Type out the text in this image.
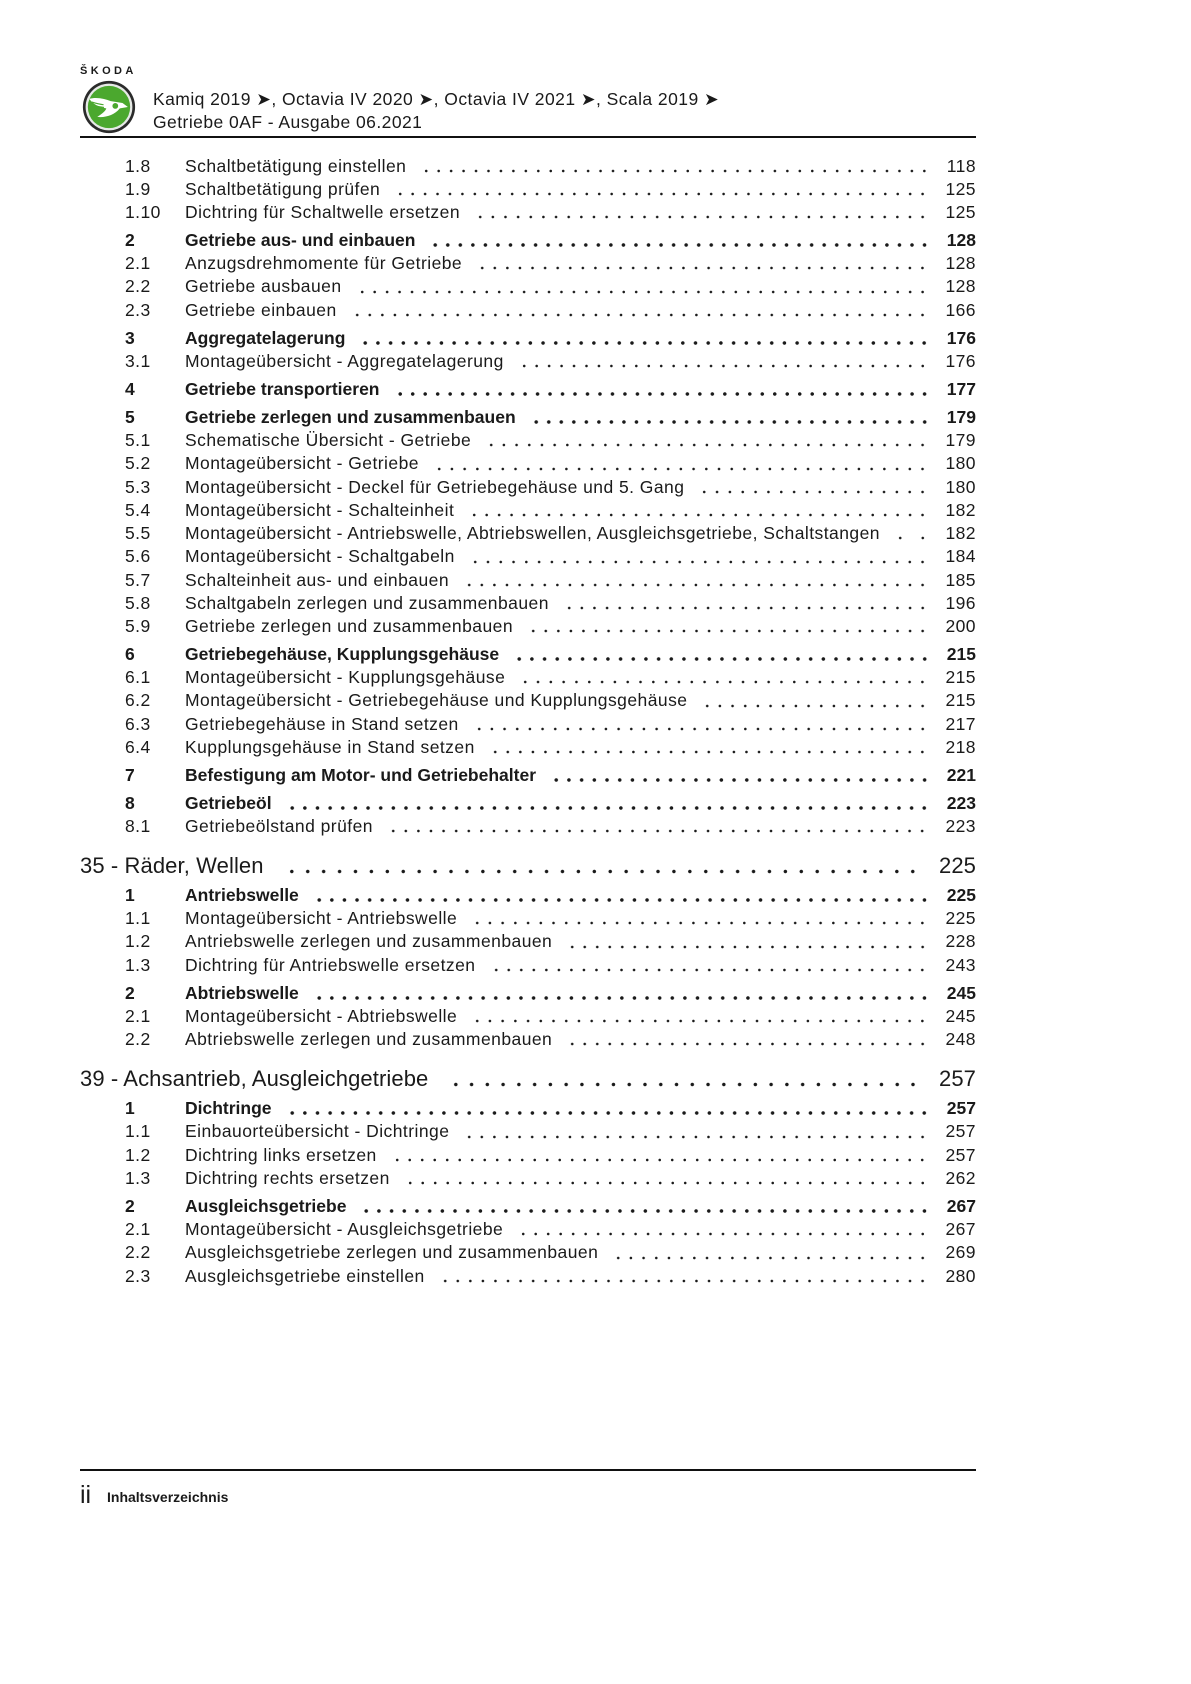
ŠKODA
Kamiq 2019 ➤, Octavia IV 2020 ➤, Octavia IV 2021 ➤, Scala 2019 ➤
Getriebe 0AF - Ausgabe 06.2021
1.8	Schaltbetätigung einstellen	118
1.9	Schaltbetätigung prüfen	125
1.10	Dichtring für Schaltwelle ersetzen	125
2	Getriebe aus- und einbauen	128
2.1	Anzugsdrehmomente für Getriebe	128
2.2	Getriebe ausbauen	128
2.3	Getriebe einbauen	166
3	Aggregatelagerung	176
3.1	Montageübersicht - Aggregatelagerung	176
4	Getriebe transportieren	177
5	Getriebe zerlegen und zusammenbauen	179
5.1	Schematische Übersicht - Getriebe	179
5.2	Montageübersicht - Getriebe	180
5.3	Montageübersicht - Deckel für Getriebegehäuse und 5. Gang	180
5.4	Montageübersicht - Schalteinheit	182
5.5	Montageübersicht - Antriebswelle, Abtriebswellen, Ausgleichsgetriebe, Schaltstangen	182
5.6	Montageübersicht - Schaltgabeln	184
5.7	Schalteinheit aus- und einbauen	185
5.8	Schaltgabeln zerlegen und zusammenbauen	196
5.9	Getriebe zerlegen und zusammenbauen	200
6	Getriebegehäuse, Kupplungsgehäuse	215
6.1	Montageübersicht - Kupplungsgehäuse	215
6.2	Montageübersicht - Getriebegehäuse und Kupplungsgehäuse	215
6.3	Getriebegehäuse in Stand setzen	217
6.4	Kupplungsgehäuse in Stand setzen	218
7	Befestigung am Motor- und Getriebehalter	221
8	Getriebeöl	223
8.1	Getriebeölstand prüfen	223
35 - Räder, Wellen	225
1	Antriebswelle	225
1.1	Montageübersicht - Antriebswelle	225
1.2	Antriebswelle zerlegen und zusammenbauen	228
1.3	Dichtring für Antriebswelle ersetzen	243
2	Abtriebswelle	245
2.1	Montageübersicht - Abtriebswelle	245
2.2	Abtriebswelle zerlegen und zusammenbauen	248
39 - Achsantrieb, Ausgleichgetriebe	257
1	Dichtringe	257
1.1	Einbauorteübersicht - Dichtringe	257
1.2	Dichtring links ersetzen	257
1.3	Dichtring rechts ersetzen	262
2	Ausgleichsgetriebe	267
2.1	Montageübersicht - Ausgleichsgetriebe	267
2.2	Ausgleichsgetriebe zerlegen und zusammenbauen	269
2.3	Ausgleichsgetriebe einstellen	280
ii Inhaltsverzeichnis
